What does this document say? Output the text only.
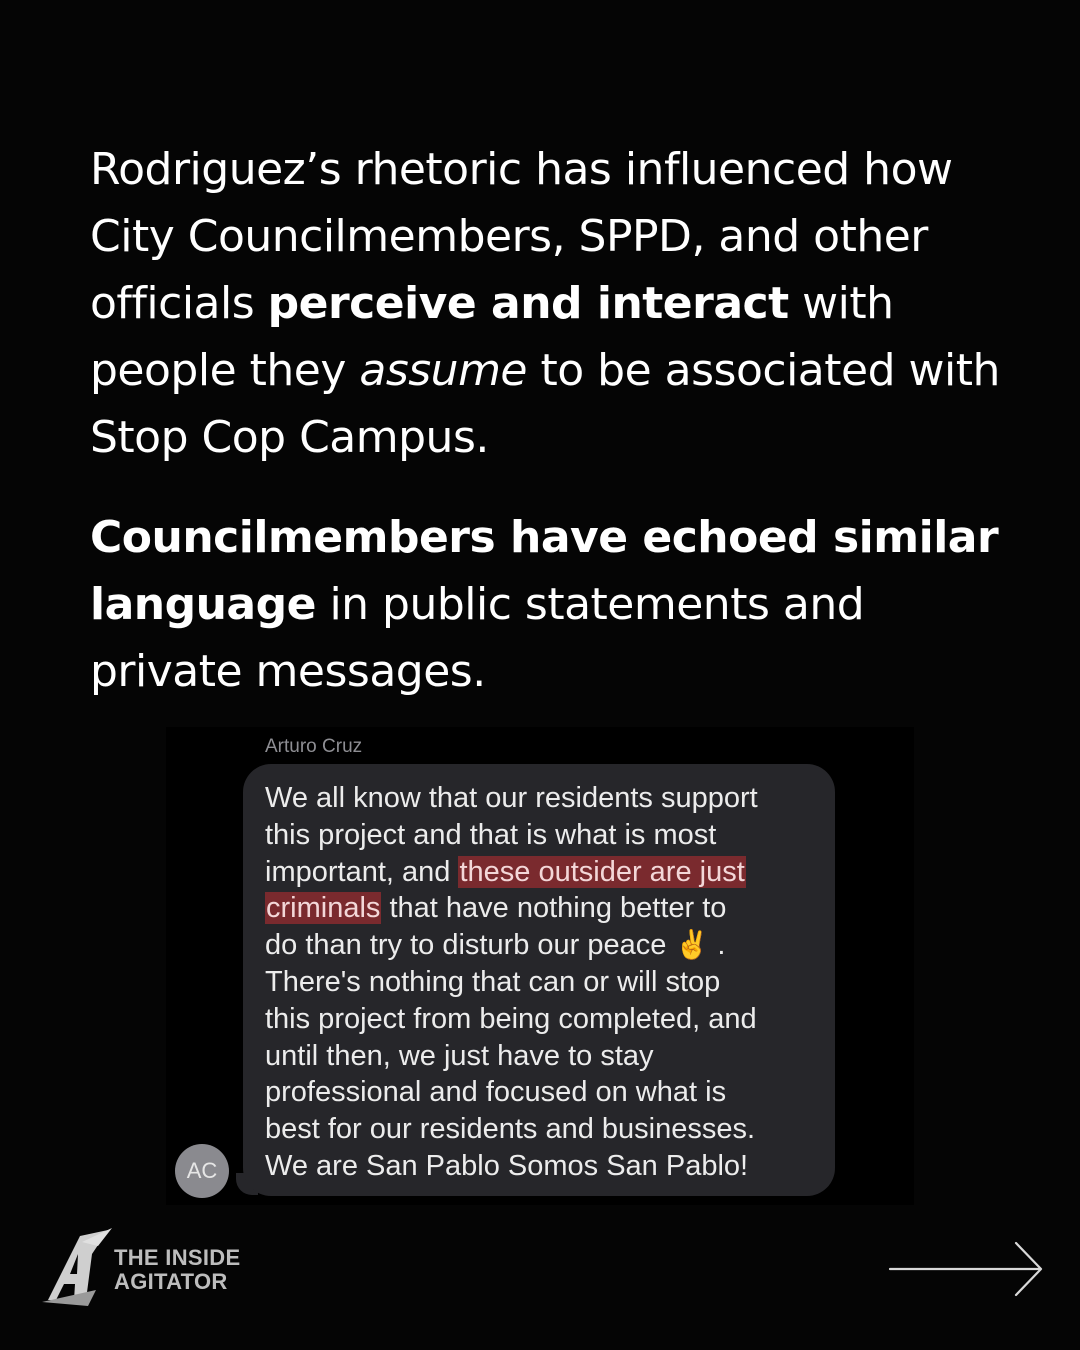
Rodriguez’s rhetoric has influenced how City Councilmembers, SPPD, and other officials perceive and interact with people they assume to be associated with Stop Cop Campus.

Councilmembers have echoed similar language in public statements and private messages.

Arturo Cruz
We all know that our residents support
this project and that is what is most
important, and these outsider are just
criminals that have nothing better to
do than try to disturb our peace ✌️ .
There's nothing that can or will stop
this project from being completed, and
until then, we just have to stay
professional and focused on what is
best for our residents and businesses.
We are San Pablo Somos San Pablo!
AC
THE INSIDE
AGITATOR
